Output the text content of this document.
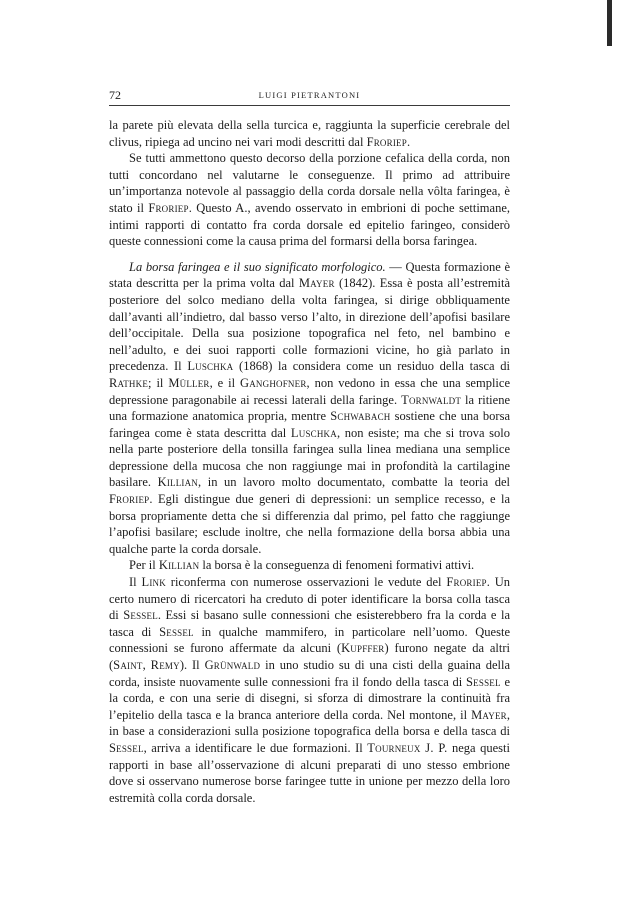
72	LUIGI PIETRANTONI

la parete più elevata della sella turcica e, raggiunta la superficie cerebrale del clivus, ripiega ad uncino nei vari modi descritti dal Froriep.

Se tutti ammettono questo decorso della porzione cefalica della corda, non tutti concordano nel valutarne le conseguenze. Il primo ad attribuire un’importanza notevole al passaggio della corda dorsale nella vôlta faringea, è stato il Froriep. Questo A., avendo osservato in embrioni di poche settimane, intimi rapporti di contatto fra corda dorsale ed epitelio faringeo, considerò queste connessioni come la causa prima del formarsi della borsa faringea.

La borsa faringea e il suo significato morfologico. — Questa formazione è stata descritta per la prima volta dal Mayer (1842). Essa è posta all’estremità posteriore del solco mediano della volta faringea, si dirige obbliquamente dall’avanti all’indietro, dal basso verso l’alto, in direzione dell’apofisi basilare dell’occipitale. Della sua posizione topografica nel feto, nel bambino e nell’adulto, e dei suoi rapporti colle formazioni vicine, ho già parlato in precedenza. Il Luschka (1868) la considera come un residuo della tasca di Rathke; il Müller, e il Ganghofner, non vedono in essa che una semplice depressione paragonabile ai recessi laterali della faringe. Tornwaldt la ritiene una formazione anatomica propria, mentre Schwabach sostiene che una borsa faringea come è stata descritta dal Luschka, non esiste; ma che si trova solo nella parte posteriore della tonsilla faringea sulla linea mediana una semplice depressione della mucosa che non raggiunge mai in profondità la cartilagine basilare. Killian, in un lavoro molto documentato, combatte la teoria del Froriep. Egli distingue due generi di depressioni: un semplice recesso, e la borsa propriamente detta che si differenzia dal primo, pel fatto che raggiunge l’apofisi basilare; esclude inoltre, che nella formazione della borsa abbia una qualche parte la corda dorsale.

Per il Killian la borsa è la conseguenza di fenomeni formativi attivi.

Il Link riconferma con numerose osservazioni le vedute del Froriep. Un certo numero di ricercatori ha creduto di poter identificare la borsa colla tasca di Sessel. Essi si basano sulle connessioni che esisterebbero fra la corda e la tasca di Sessel in qualche mammifero, in particolare nell’uomo. Queste connessioni se furono affermate da alcuni (Kupffer) furono negate da altri (Saint, Remy). Il Grünwald in uno studio su di una cisti della guaina della corda, insiste nuovamente sulle connessioni fra il fondo della tasca di Sessel e la corda, e con una serie di disegni, si sforza di dimostrare la continuità fra l’epitelio della tasca e la branca anteriore della corda. Nel montone, il Mayer, in base a considerazioni sulla posizione topografica della borsa e della tasca di Sessel, arriva a identificare le due formazioni. Il Tourneux J. P. nega questi rapporti in base all’osservazione di alcuni preparati di uno stesso embrione dove si osservano numerose borse faringee tutte in unione per mezzo della loro estremità colla corda dorsale.
